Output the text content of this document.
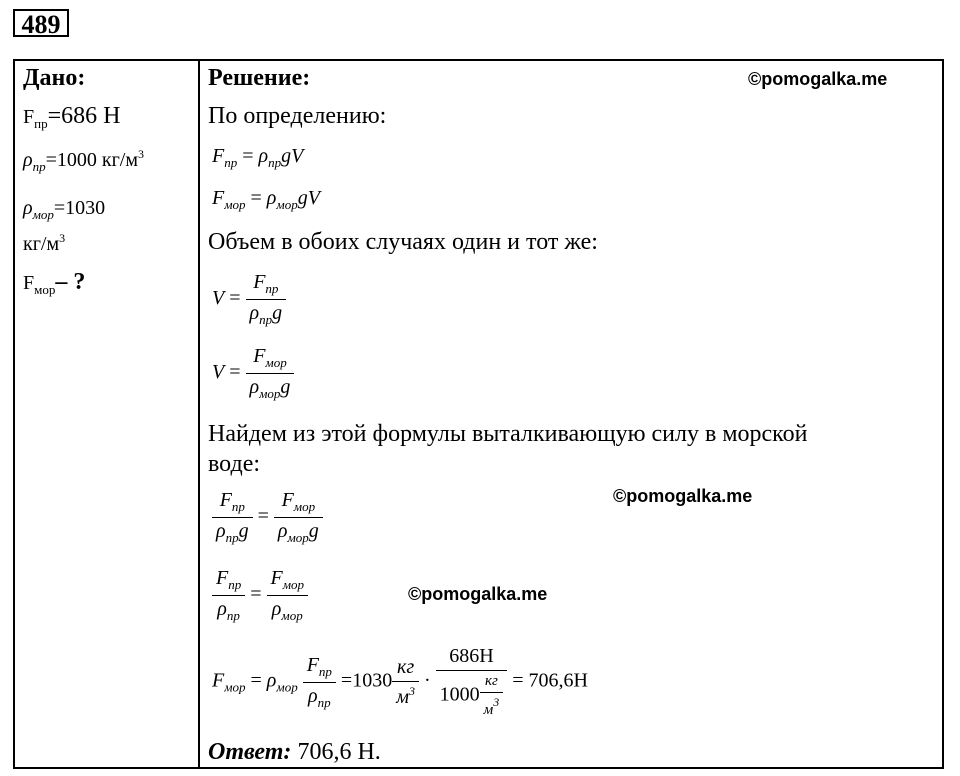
489
Дано:
$F_{пр}=686$ Н
$\rho_{пр}=1000$ $кг/м^3$
$\rho_{мор}=1030$
$кг/м^3$
$F_{мор}-$ ?
Решение:	©pomogalka.me
По определению:
$F_{пр} = \rho_{пр}gV$
$F_{мор} = \rho_{мор}gV$
Объем в обоих случаях один и тот же:
$V = \frac{F_{пр}}{\rho_{пр}g}$
$V = \frac{F_{мор}}{\rho_{мор}g}$
Найдем из этой формулы выталкивающую силу в морской
воде:
©pomogalka.me
$\frac{F_{пр}}{\rho_{пр}g} = \frac{F_{мор}}{\rho_{мор}g}$
$\frac{F_{пр}}{\rho_{пр}} = \frac{F_{мор}}{\rho_{мор}}$	©pomogalka.me
$F_{мор} = \rho_{мор} \frac{F_{пр}}{\rho_{пр}} =1030 \frac{кг}{м^3} \cdot \frac{686Н}{1000 \frac{кг}{м^3}} = 706,6Н$
Ответ: 706,6 Н.
